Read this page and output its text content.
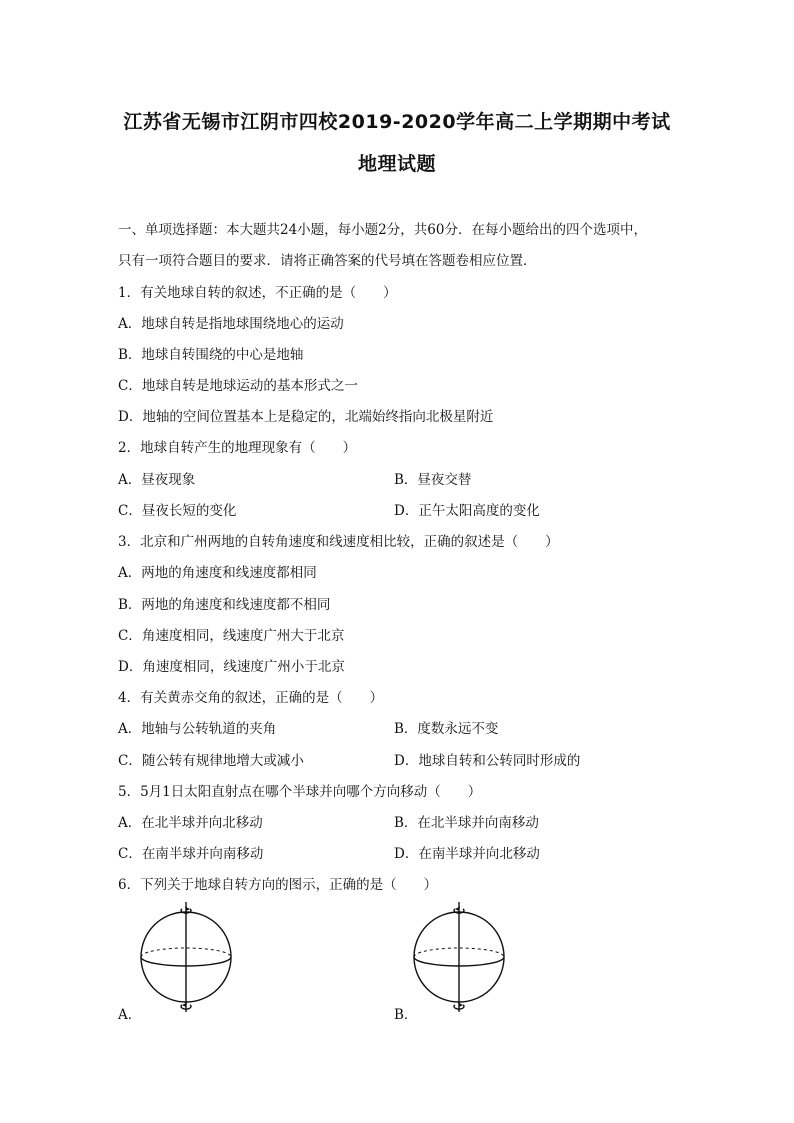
江苏省无锡市江阴市四校2019-2020学年高二上学期期中考试
地理试题
一、单项选择题：本大题共24小题，每小题2分，共60分．在每小题给出的四个选项中，
只有一项符合题目的要求．请将正确答案的代号填在答题卷相应位置．
1．有关地球自转的叙述，不正确的是（　　）
A．地球自转是指地球围绕地心的运动
B．地球自转围绕的中心是地轴
C．地球自转是地球运动的基本形式之一
D．地轴的空间位置基本上是稳定的，北端始终指向北极星附近
2．地球自转产生的地理现象有（　　）
A．昼夜现象	B．昼夜交替
C．昼夜长短的变化	D．正午太阳高度的变化
3．北京和广州两地的自转角速度和线速度相比较，正确的叙述是（　　）
A．两地的角速度和线速度都相同
B．两地的角速度和线速度都不相同
C．角速度相同，线速度广州大于北京
D．角速度相同，线速度广州小于北京
4．有关黄赤交角的叙述，正确的是（　　）
A．地轴与公转轨道的夹角	B．度数永远不变
C．随公转有规律地增大或减小	D．地球自转和公转同时形成的
5．5月1日太阳直射点在哪个半球并向哪个方向移动（　　）
A．在北半球并向北移动	B．在北半球并向南移动
C．在南半球并向南移动	D．在南半球并向北移动
6．下列关于地球自转方向的图示，正确的是（　　）
A．	B．
